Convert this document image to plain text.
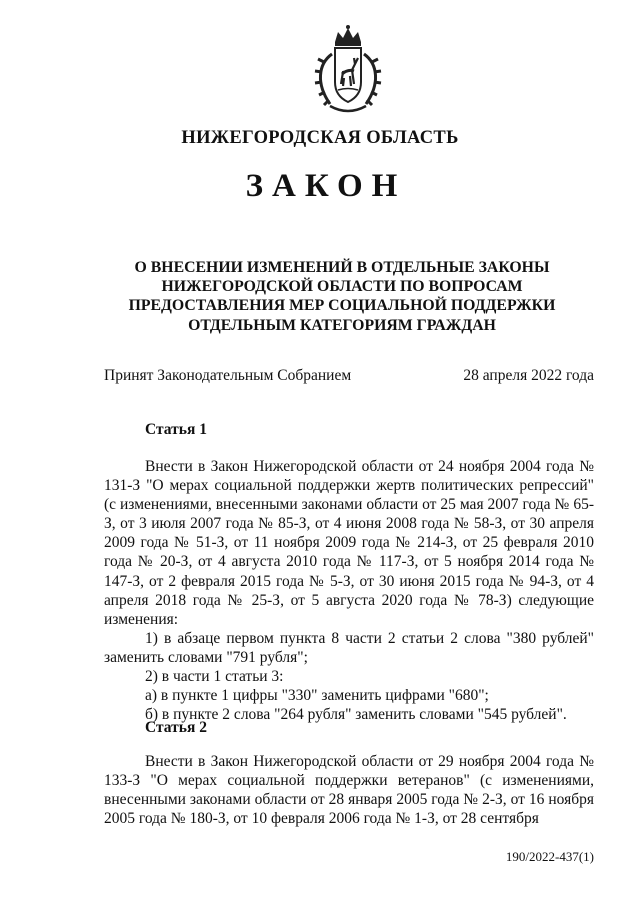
НИЖЕГОРОДСКАЯ ОБЛАСТЬ
ЗАКОН
О ВНЕСЕНИИ ИЗМЕНЕНИЙ В ОТДЕЛЬНЫЕ ЗАКОНЫ
НИЖЕГОРОДСКОЙ ОБЛАСТИ ПО ВОПРОСАМ
ПРЕДОСТАВЛЕНИЯ МЕР СОЦИАЛЬНОЙ ПОДДЕРЖКИ
ОТДЕЛЬНЫМ КАТЕГОРИЯМ ГРАЖДАН
Принят Законодательным Собранием	28 апреля 2022 года
Статья 1

Внести в Закон Нижегородской области от 24 ноября 2004 года № 131-З "О мерах социальной поддержки жертв политических репрессий" (с изменениями, внесенными законами области от 25 мая 2007 года № 65-З, от 3 июля 2007 года № 85-З, от 4 июня 2008 года № 58-З, от 30 апреля 2009 года № 51-З, от 11 ноября 2009 года № 214-З, от 25 февраля 2010 года № 20-З, от 4 августа 2010 года № 117-З, от 5 ноября 2014 года № 147-З, от 2 февраля 2015 года № 5-З, от 30 июня 2015 года № 94-З, от 4 апреля 2018 года № 25-З, от 5 августа 2020 года № 78-З) следующие изменения:

1) в абзаце первом пункта 8 части 2 статьи 2 слова "380 рублей" заменить словами "791 рубля";

2) в части 1 статьи 3:

а) в пункте 1 цифры "330" заменить цифрами "680";

б) в пункте 2 слова "264 рубля" заменить словами "545 рублей".

Статья 2

Внести в Закон Нижегородской области от 29 ноября 2004 года № 133-З "О мерах социальной поддержки ветеранов" (с изменениями, внесенными законами области от 28 января 2005 года № 2-З, от 16 ноября 2005 года № 180-З, от 10 февраля 2006 года № 1-З, от 28 сентября

190/2022-437(1)
